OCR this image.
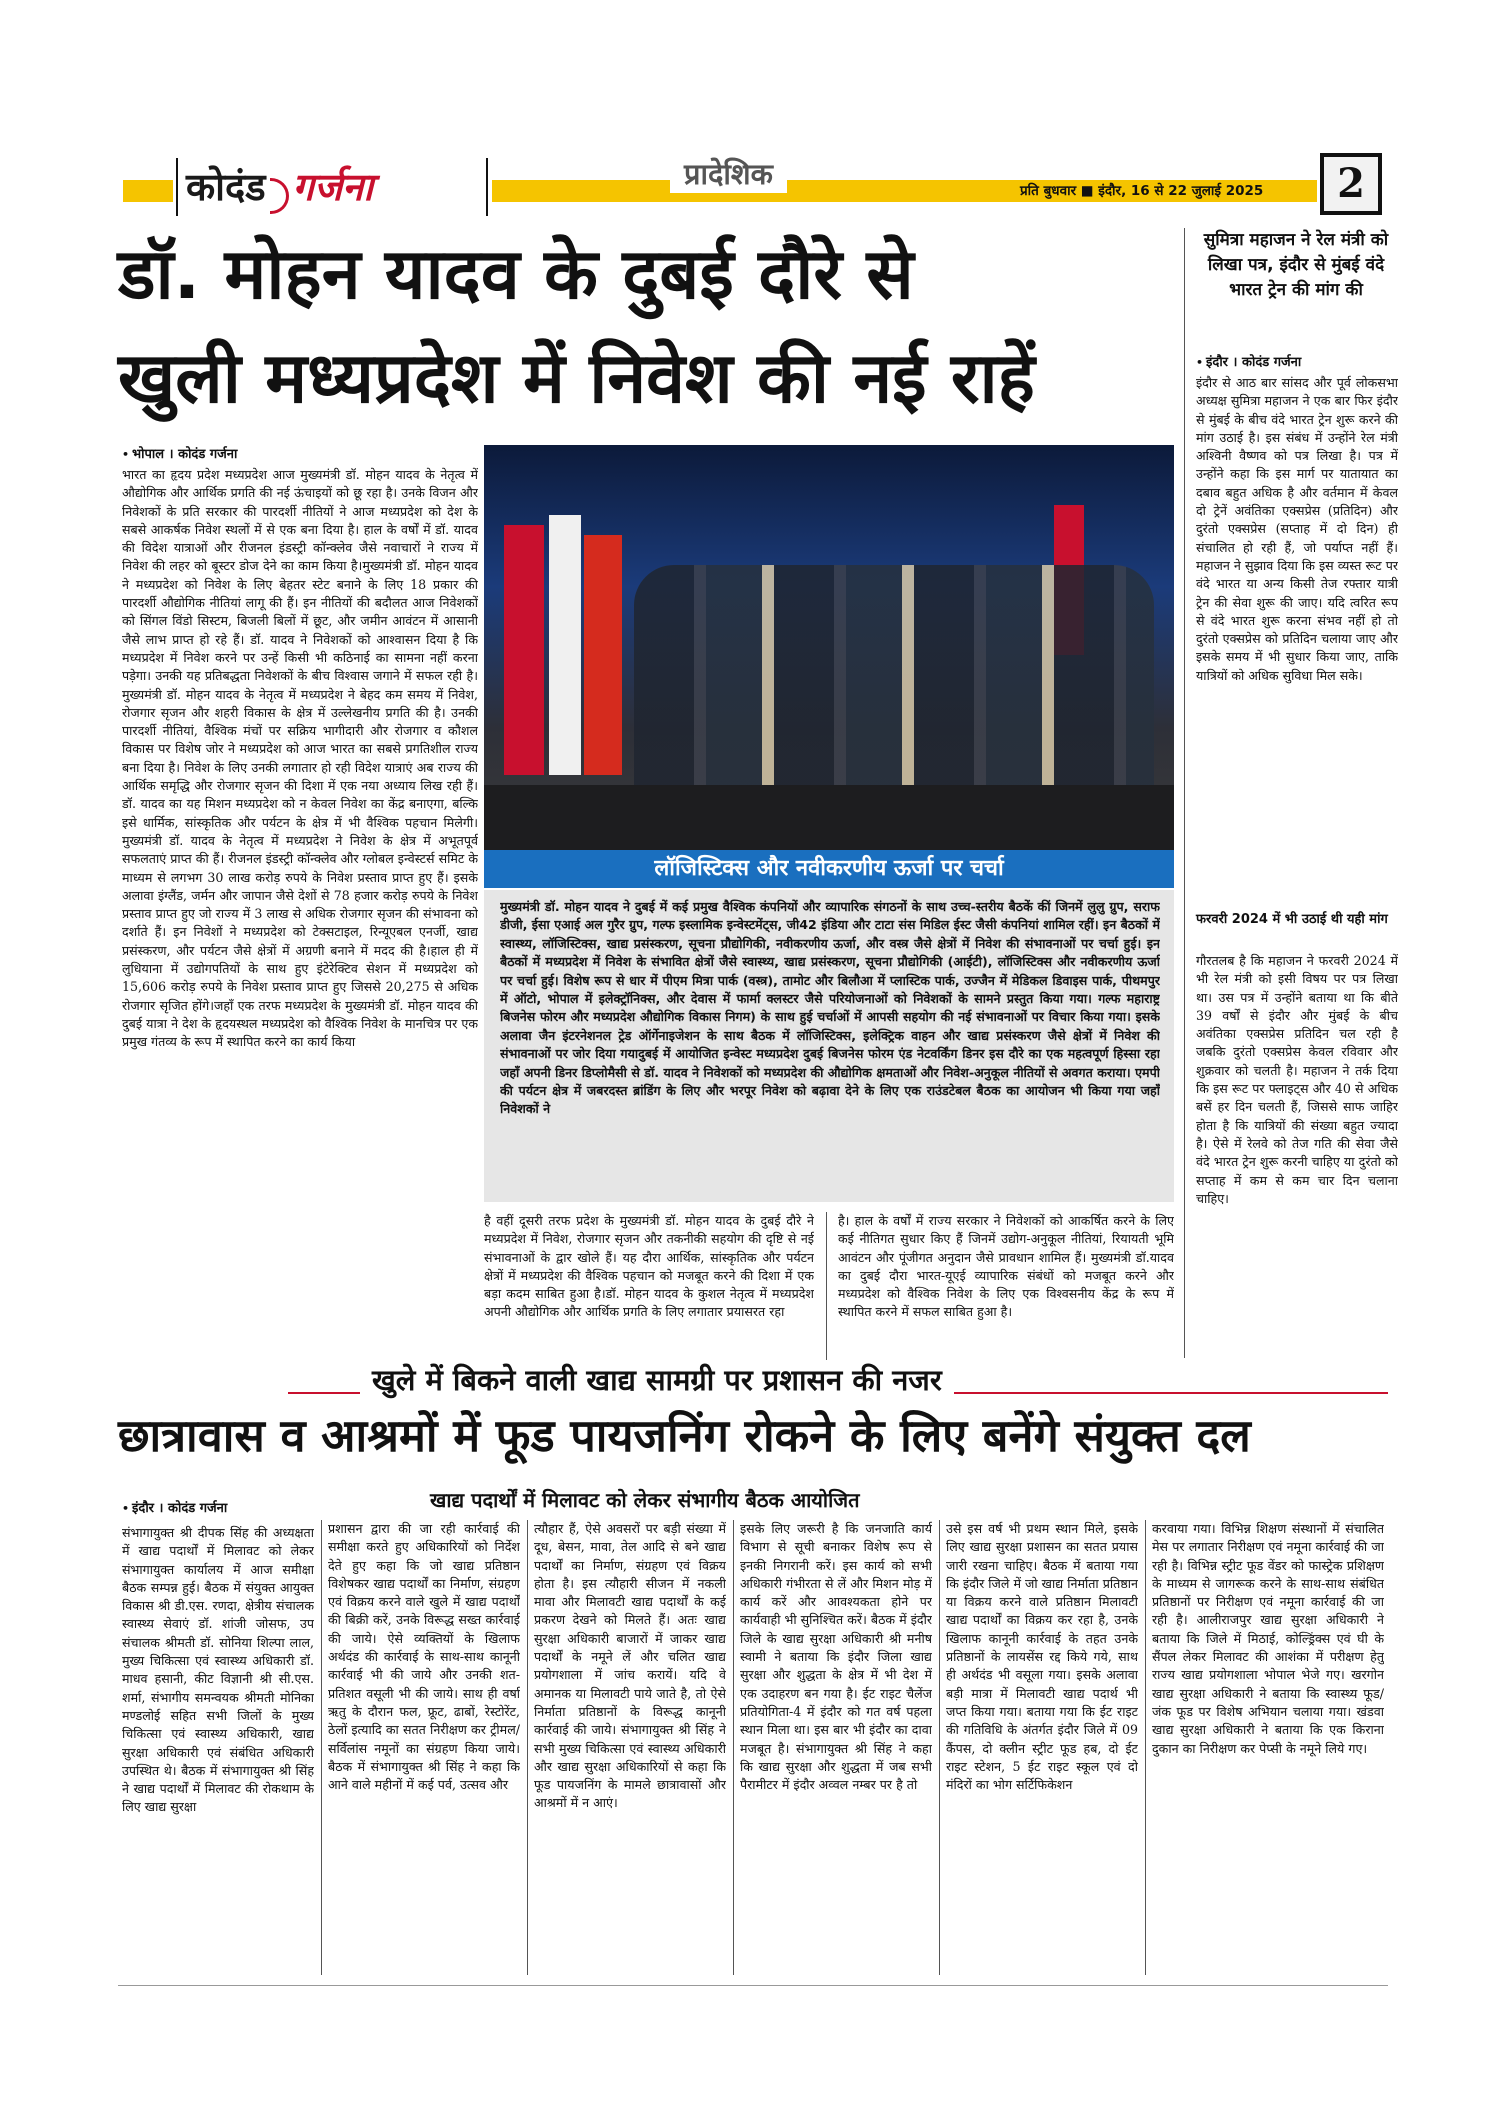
कोदंड गर्जना	प्रादेशिक	प्रति बुधवार ■ इंदौर, 16 से 22 जुलाई 2025	2
डॉ. मोहन यादव के दुबई दौरे से
खुली मध्यप्रदेश में निवेश की नई राहें
• भोपाल । कोदंड गर्जना

भारत का हृदय प्रदेश मध्यप्रदेश आज मुख्यमंत्री डॉ. मोहन यादव के नेतृत्व में औद्योगिक और आर्थिक प्रगति की नई ऊंचाइयों को छू रहा है। उनके विजन और निवेशकों के प्रति सरकार की पारदर्शी नीतियों ने आज मध्यप्रदेश को देश के सबसे आकर्षक निवेश स्थलों में से एक बना दिया है। हाल के वर्षों में डॉ. यादव की विदेश यात्राओं और रीजनल इंडस्ट्री कॉन्क्लेव जैसे नवाचारों ने राज्य में निवेश की लहर को बूस्टर डोज देने का काम किया है।मुख्यमंत्री डॉ. मोहन यादव ने मध्यप्रदेश को निवेश के लिए बेहतर स्टेट बनाने के लिए 18 प्रकार की पारदर्शी औद्योगिक नीतियां लागू की हैं। इन नीतियों की बदौलत आज निवेशकों को सिंगल विंडो सिस्टम, बिजली बिलों में छूट, और जमीन आवंटन में आसानी जैसे लाभ प्राप्त हो रहे हैं। डॉ. यादव ने निवेशकों को आश्वासन दिया है कि मध्यप्रदेश में निवेश करने पर उन्हें किसी भी कठिनाई का सामना नहीं करना पड़ेगा। उनकी यह प्रतिबद्धता निवेशकों के बीच विश्वास जगाने में सफल रही है।मुख्यमंत्री डॉ. मोहन यादव के नेतृत्व में मध्यप्रदेश ने बेहद कम समय में निवेश, रोजगार सृजन और शहरी विकास के क्षेत्र में उल्लेखनीय प्रगति की है। उनकी पारदर्शी नीतियां, वैश्विक मंचों पर सक्रिय भागीदारी और रोजगार व कौशल विकास पर विशेष जोर ने मध्यप्रदेश को आज भारत का सबसे प्रगतिशील राज्य बना दिया है। निवेश के लिए उनकी लगातार हो रही विदेश यात्राएं अब राज्य की आर्थिक समृद्धि और रोजगार सृजन की दिशा में एक नया अध्याय लिख रही हैं। डॉ. यादव का यह मिशन मध्यप्रदेश को न केवल निवेश का केंद्र बनाएगा, बल्कि इसे धार्मिक, सांस्कृतिक और पर्यटन के क्षेत्र में भी वैश्विक पहचान मिलेगी। मुख्यमंत्री डॉ. यादव के नेतृत्व में मध्यप्रदेश ने निवेश के क्षेत्र में अभूतपूर्व सफलताएं प्राप्त की हैं। रीजनल इंडस्ट्री कॉन्क्लेव और ग्लोबल इन्वेस्टर्स समिट के माध्यम से लगभग 30 लाख करोड़ रुपये के निवेश प्रस्ताव प्राप्त हुए हैं। इसके अलावा इंग्लैंड, जर्मन और जापान जैसे देशों से 78 हजार करोड़ रुपये के निवेश प्रस्ताव प्राप्त हुए जो राज्य में 3 लाख से अधिक रोजगार सृजन की संभावना को दर्शाते हैं। इन निवेशों ने मध्यप्रदेश को टेक्सटाइल, रिन्यूएबल एनर्जी, खाद्य प्रसंस्करण, और पर्यटन जैसे क्षेत्रों में अग्रणी बनाने में मदद की है।हाल ही में लुधियाना में उद्योगपतियों के साथ हुए इंटेरेक्टिव सेशन में मध्यप्रदेश को 15,606 करोड़ रुपये के निवेश प्रस्ताव प्राप्त हुए जिससे 20,275 से अधिक रोजगार सृजित होंगे।जहाँ एक तरफ मध्यप्रदेश के मुख्यमंत्री डॉ. मोहन यादव की दुबई यात्रा ने देश के हृदयस्थल मध्यप्रदेश को वैश्विक निवेश के मानचित्र पर एक प्रमुख गंतव्य के रूप में स्थापित करने का कार्य किया

लॉजिस्टिक्स और नवीकरणीय ऊर्जा पर चर्चा

मुख्यमंत्री डॉ. मोहन यादव ने दुबई में कई प्रमुख वैश्विक कंपनियों और व्यापारिक संगठनों के साथ उच्च-स्तरीय बैठकें कीं जिनमें लुलु ग्रुप, सराफ डीजी, ईसा एआई अल गुरैर ग्रुप, गल्फ इस्लामिक इन्वेस्टमेंट्स, जी42 इंडिया और टाटा संस मिडिल ईस्ट जैसी कंपनियां शामिल रहीं। इन बैठकों में स्वास्थ्य, लॉजिस्टिक्स, खाद्य प्रसंस्करण, सूचना प्रौद्योगिकी, नवीकरणीय ऊर्जा, और वस्त्र जैसे क्षेत्रों में निवेश की संभावनाओं पर चर्चा हुई। इन बैठकों में मध्यप्रदेश में निवेश के संभावित क्षेत्रों जैसे स्वास्थ्य, खाद्य प्रसंस्करण, सूचना प्रौद्योगिकी (आईटी), लॉजिस्टिक्स और नवीकरणीय ऊर्जा पर चर्चा हुई। विशेष रूप से धार में पीएम मित्रा पार्क (वस्त्र), तामोट और बिलौआ में प्लास्टिक पार्क, उज्जैन में मेडिकल डिवाइस पार्क, पीथमपुर में ऑटो, भोपाल में इलेक्ट्रॉनिक्स, और देवास में फार्मा क्लस्टर जैसे परियोजनाओं को निवेशकों के सामने प्रस्तुत किया गया। गल्फ महाराष्ट्र बिजनेस फोरम और मध्यप्रदेश औद्योगिक विकास निगम) के साथ हुई चर्चाओं में आपसी सहयोग की नई संभावनाओं पर विचार किया गया। इसके अलावा जैन इंटरनेशनल ट्रेड ऑर्गेनाइजेशन के साथ बैठक में लॉजिस्टिक्स, इलेक्ट्रिक वाहन और खाद्य प्रसंस्करण जैसे क्षेत्रों में निवेश की संभावनाओं पर जोर दिया गयादुबई में आयोजित इन्वेस्ट मध्यप्रदेश दुबई बिजनेस फोरम एंड नेटवर्किंग डिनर इस दौरे का एक महत्वपूर्ण हिस्सा रहा जहाँ अपनी डिनर डिप्लोमैसी से डॉ. यादव ने निवेशकों को मध्यप्रदेश की औद्योगिक क्षमताओं और निवेश-अनुकूल नीतियों से अवगत कराया। एमपी की पर्यटन क्षेत्र में जबरदस्त ब्रांडिंग के लिए और भरपूर निवेश को बढ़ावा देने के लिए एक राउंडटेबल बैठक का आयोजन भी किया गया जहाँ निवेशकों ने

है वहीं दूसरी तरफ प्रदेश के मुख्यमंत्री डॉ. मोहन यादव के दुबई दौरे ने मध्यप्रदेश में निवेश, रोजगार सृजन और तकनीकी सहयोग की दृष्टि से नई संभावनाओं के द्वार खोले हैं। यह दौरा आर्थिक, सांस्कृतिक और पर्यटन क्षेत्रों में मध्यप्रदेश की वैश्विक पहचान को मजबूत करने की दिशा में एक बड़ा कदम साबित हुआ है।डॉ. मोहन यादव के कुशल नेतृत्व में मध्यप्रदेश अपनी औद्योगिक और आर्थिक प्रगति के लिए लगातार प्रयासरत रहा

है। हाल के वर्षों में राज्य सरकार ने निवेशकों को आकर्षित करने के लिए कई नीतिगत सुधार किए हैं जिनमें उद्योग-अनुकूल नीतियां, रियायती भूमि आवंटन और पूंजीगत अनुदान जैसे प्रावधान शामिल हैं। मुख्यमंत्री डॉ.यादव का दुबई दौरा भारत-यूएई व्यापारिक संबंधों को मजबूत करने और मध्यप्रदेश को वैश्विक निवेश के लिए एक विश्वसनीय केंद्र के रूप में स्थापित करने में सफल साबित हुआ है।

सुमित्रा महाजन ने रेल मंत्री को लिखा पत्र, इंदौर से मुंबई वंदे भारत ट्रेन की मांग की
• इंदौर । कोदंड गर्जना

इंदौर से आठ बार सांसद और पूर्व लोकसभा अध्यक्ष सुमित्रा महाजन ने एक बार फिर इंदौर से मुंबई के बीच वंदे भारत ट्रेन शुरू करने की मांग उठाई है। इस संबंध में उन्होंने रेल मंत्री अश्विनी वैष्णव को पत्र लिखा है। पत्र में उन्होंने कहा कि इस मार्ग पर यातायात का दबाव बहुत अधिक है और वर्तमान में केवल दो ट्रेनें अवंतिका एक्सप्रेस (प्रतिदिन) और दुरंतो एक्सप्रेस (सप्ताह में दो दिन) ही संचालित हो रही हैं, जो पर्याप्त नहीं हैं। महाजन ने सुझाव दिया कि इस व्यस्त रूट पर वंदे भारत या अन्य किसी तेज रफ्तार यात्री ट्रेन की सेवा शुरू की जाए। यदि त्वरित रूप से वंदे भारत शुरू करना संभव नहीं हो तो दुरंतो एक्सप्रेस को प्रतिदिन चलाया जाए और इसके समय में भी सुधार किया जाए, ताकि यात्रियों को अधिक सुविधा मिल सके।

फरवरी 2024 में भी उठाई थी यही मांग

गौरतलब है कि महाजन ने फरवरी 2024 में भी रेल मंत्री को इसी विषय पर पत्र लिखा था। उस पत्र में उन्होंने बताया था कि बीते 39 वर्षों से इंदौर और मुंबई के बीच अवंतिका एक्सप्रेस प्रतिदिन चल रही है जबकि दुरंतो एक्सप्रेस केवल रविवार और शुक्रवार को चलती है। महाजन ने तर्क दिया कि इस रूट पर फ्लाइट्स और 40 से अधिक बसें हर दिन चलती हैं, जिससे साफ जाहिर होता है कि यात्रियों की संख्या बहुत ज्यादा है। ऐसे में रेलवे को तेज गति की सेवा जैसे वंदे भारत ट्रेन शुरू करनी चाहिए या दुरंतो को सप्ताह में कम से कम चार दिन चलाना चाहिए।

खुले में बिकने वाली खाद्य सामग्री पर प्रशासन की नजर
छात्रावास व आश्रमों में फूड पायजनिंग रोकने के लिए बनेंगे संयुक्त दल
खाद्य पदार्थों में मिलावट को लेकर संभागीय बैठक आयोजित
• इंदौर । कोदंड गर्जना

संभागायुक्त श्री दीपक सिंह की अध्यक्षता में खाद्य पदार्थों में मिलावट को लेकर संभागायुक्त कार्यालय में आज समीक्षा बैठक सम्पन्न हुई। बैठक में संयुक्त आयुक्त विकास श्री डी.एस. रणदा, क्षेत्रीय संचालक स्वास्थ्य सेवाएं डॉ. शांजी जोसफ, उप संचालक श्रीमती डॉ. सोनिया शिल्पा लाल, मुख्य चिकित्सा एवं स्वास्थ्य अधिकारी डॉ. माधव हसानी, कीट विज्ञानी श्री सी.एस. शर्मा, संभागीय समन्वयक श्रीमती मोनिका मण्डलोई सहित सभी जिलों के मुख्य चिकित्सा एवं स्वास्थ्य अधिकारी, खाद्य सुरक्षा अधिकारी एवं संबंधित अधिकारी उपस्थित थे। बैठक में संभागायुक्त श्री सिंह ने खाद्य पदार्थों में मिलावट की रोकथाम के लिए खाद्य सुरक्षा

प्रशासन द्वारा की जा रही कार्रवाई की समीक्षा करते हुए अधिकारियों को निर्देश देते हुए कहा कि जो खाद्य प्रतिष्ठान विशेषकर खाद्य पदार्थों का निर्माण, संग्रहण एवं विक्रय करने वाले खुले में खाद्य पदार्थों की बिक्री करें, उनके विरूद्ध सख्त कार्रवाई की जाये। ऐसे व्यक्तियों के खिलाफ अर्थदंड की कार्रवाई के साथ-साथ कानूनी कार्रवाई भी की जाये और उनकी शत-प्रतिशत वसूली भी की जाये। साथ ही वर्षा ऋतु के दौरान फल, फ्रूट, ढाबों, रेस्टोरेंट, ठेलों इत्यादि का सतत निरीक्षण कर ट्रीमल/सर्विलांस नमूनों का संग्रहण किया जाये। बैठक में संभागायुक्त श्री सिंह ने कहा कि आने वाले महीनों में कई पर्व, उत्सव और

त्यौहार हैं, ऐसे अवसरों पर बड़ी संख्या में दूध, बेसन, मावा, तेल आदि से बने खाद्य पदार्थों का निर्माण, संग्रहण एवं विक्रय होता है। इस त्यौहारी सीजन में नकली मावा और मिलावटी खाद्य पदार्थों के कई प्रकरण देखने को मिलते हैं। अतः खाद्य सुरक्षा अधिकारी बाजारों में जाकर खाद्य पदार्थों के नमूने लें और चलित खाद्य प्रयोगशाला में जांच करायें। यदि वे अमानक या मिलावटी पाये जाते है, तो ऐसे निर्माता प्रतिष्ठानों के विरूद्ध कानूनी कार्रवाई की जाये। संभागायुक्त श्री सिंह ने सभी मुख्य चिकित्सा एवं स्वास्थ्य अधिकारी और खाद्य सुरक्षा अधिकारियों से कहा कि फूड पायजनिंग के मामले छात्रावासों और आश्रमों में न आएं।

इसके लिए जरूरी है कि जनजाति कार्य विभाग से सूची बनाकर विशेष रूप से इनकी निगरानी करें। इस कार्य को सभी अधिकारी गंभीरता से लें और मिशन मोड़ में कार्य करें और आवश्यकता होने पर कार्यवाही भी सुनिश्चित करें। बैठक में इंदौर जिले के खाद्य सुरक्षा अधिकारी श्री मनीष स्वामी ने बताया कि इंदौर जिला खाद्य सुरक्षा और शुद्धता के क्षेत्र में भी देश में एक उदाहरण बन गया है। ईट राइट चैलेंज प्रतियोगिता-4 में इंदौर को गत वर्ष पहला स्थान मिला था। इस बार भी इंदौर का दावा मजबूत है। संभागायुक्त श्री सिंह ने कहा कि खाद्य सुरक्षा और शुद्धता में जब सभी पैरामीटर में इंदौर अव्वल नम्बर पर है तो

उसे इस वर्ष भी प्रथम स्थान मिले, इसके लिए खाद्य सुरक्षा प्रशासन का सतत प्रयास जारी रखना चाहिए। बैठक में बताया गया कि इंदौर जिले में जो खाद्य निर्माता प्रतिष्ठान या विक्रय करने वाले प्रतिष्ठान मिलावटी खाद्य पदार्थों का विक्रय कर रहा है, उनके खिलाफ कानूनी कार्रवाई के तहत उनके प्रतिष्ठानों के लायसेंस रद्द किये गये, साथ ही अर्थदंड भी वसूला गया। इसके अलावा बड़ी मात्रा में मिलावटी खाद्य पदार्थ भी जप्त किया गया। बताया गया कि ईट राइट की गतिविधि के अंतर्गत इंदौर जिले में 09 कैंपस, दो क्लीन स्ट्रीट फूड हब, दो ईट राइट स्टेशन, 5 ईट राइट स्कूल एवं दो मंदिरों का भोग सर्टिफिकेशन

करवाया गया। विभिन्न शिक्षण संस्थानों में संचालित मेस पर लगातार निरीक्षण एवं नमूना कार्रवाई की जा रही है। विभिन्न स्ट्रीट फूड वेंडर को फास्ट्रेक प्रशिक्षण के माध्यम से जागरूक करने के साथ-साथ संबंधित प्रतिष्ठानों पर निरीक्षण एवं नमूना कार्रवाई की जा रही है। आलीराजपुर खाद्य सुरक्षा अधिकारी ने बताया कि जिले में मिठाई, कोल्ड्रिंक्स एवं घी के सैंपल लेकर मिलावट की आशंका में परीक्षण हेतु राज्य खाद्य प्रयोगशाला भोपाल भेजे गए। खरगोन खाद्य सुरक्षा अधिकारी ने बताया कि स्वास्थ्य फूड/जंक फूड पर विशेष अभियान चलाया गया। खंडवा खाद्य सुरक्षा अधिकारी ने बताया कि एक किराना दुकान का निरीक्षण कर पेप्सी के नमूने लिये गए।
